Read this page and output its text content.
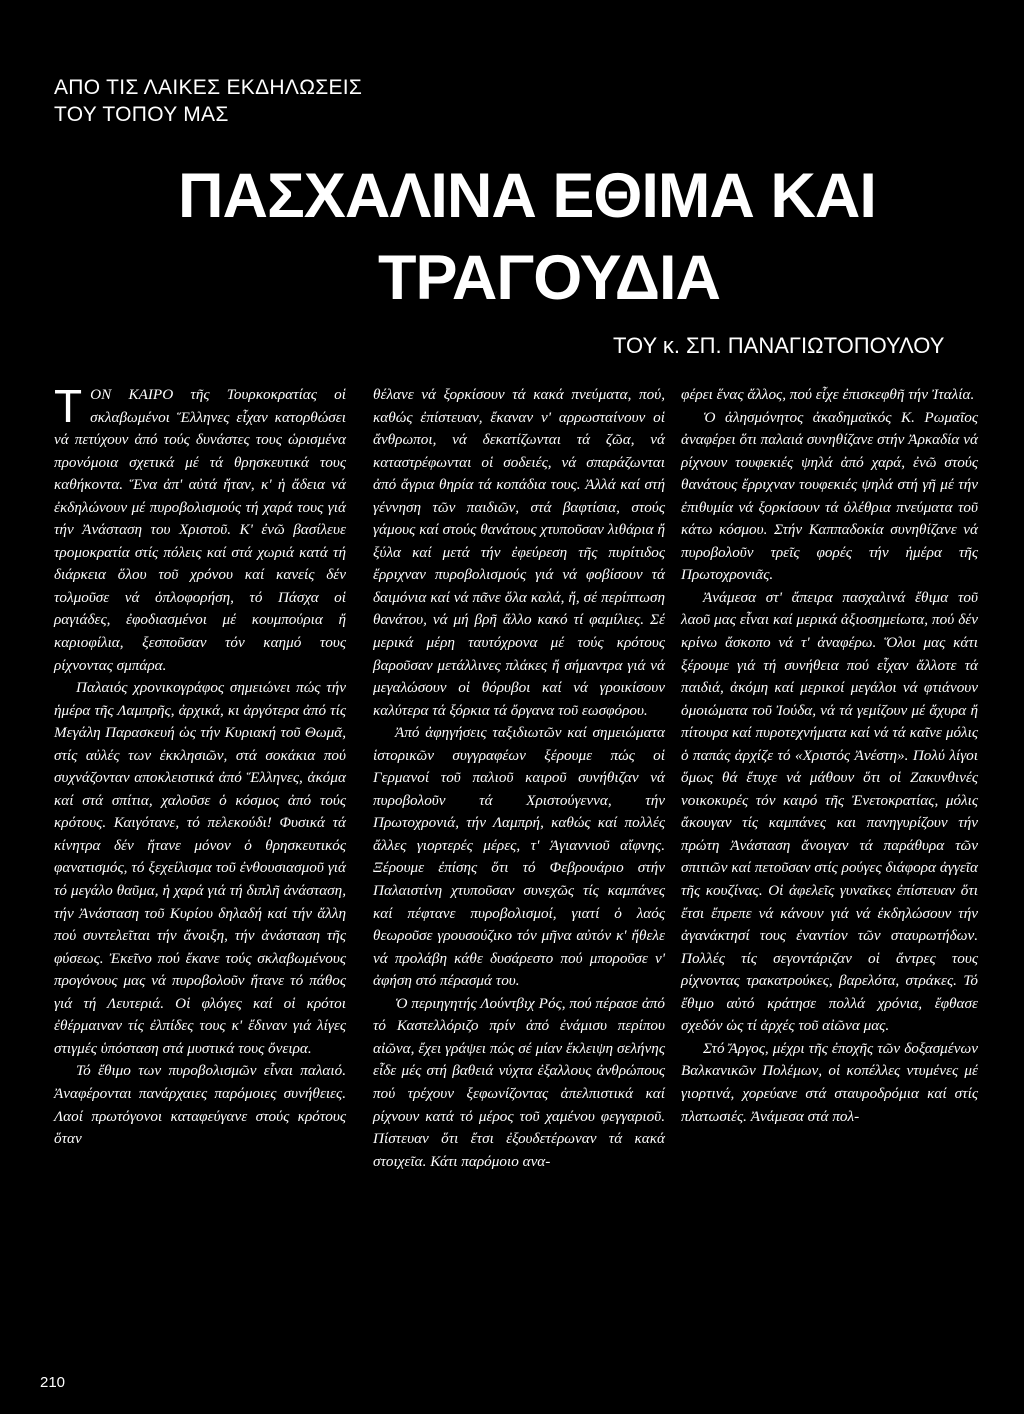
ΑΠΟ ΤΙΣ ΛΑΙΚΕΣ ΕΚΔΗΛΩΣΕΙΣ
ΤΟΥ ΤΟΠΟΥ ΜΑΣ
ΠΑΣΧΑΛΙΝΑ ΕΘΙΜΑ ΚΑΙ
ΤΡΑΓΟΥΔΙΑ
ΤΟΥ κ. ΣΠ. ΠΑΝΑΓΙΩΤΟΠΟΥΛΟΥ

ΤΟΝ ΚΑΙΡΟ τῆς Τουρκοκρατίας οἱ σκλαβωμένοι Ἕλληνες εἶχαν κατορθώσει νά πετύχουν ἀπό τούς δυνάστες τους ὡρισμένα προνόμοια σχετικά μέ τά θρησκευτικά τους καθήκοντα. Ἕνα ἀπ' αὐτά ἤταν, κ' ἡ ἄδεια νά ἐκδηλώνουν μέ πυροβολισμούς τή χαρά τους γιά τήν Ἀνάσταση του Χριστοῦ. Κ' ἐνῶ βασίλευε τρομοκρατία στίς πόλεις καί στά χωριά κατά τή διάρκεια ὅλου τοῦ χρόνου καί κανείς δέν τολμοῦσε νά ὁπλοφορήση, τό Πάσχα οἱ ραγιάδες, ἐφοδιασμένοι μέ κουμπούρια ἤ καριοφίλια, ξεσποῦσαν τόν καημό τους ρίχνοντας σμπάρα.

Παλαιός χρονικογράφος σημειώνει πώς τήν ἡμέρα τῆς Λαμπρῆς, ἀρχικά, κι ἀργότερα ἀπό τίς Μεγάλη Παρασκευή ὡς τήν Κυριακή τοῦ Θωμᾶ, στίς αὐλές των ἐκκλησιῶν, στά σοκάκια πού συχνάζονταν αποκλειστικά ἀπό Ἕλληνες, ἀκόμα καί στά σπίτια, χαλοῦσε ὁ κόσμος ἀπό τούς κρότους. Καιγότανε, τό πελεκούδι! Φυσικά τά κίνητρα δέν ἤτανε μόνον ὁ θρησκευτικός φανατισμός, τό ξεχείλισμα τοῦ ἐνθουσιασμοῦ γιά τό μεγάλο θαῦμα, ἡ χαρά γιά τή διπλῆ ἀνάσταση, τήν Ἀνάσταση τοῦ Κυρίου δηλαδή καί τήν ἄλλη πού συντελεῖται τήν ἄνοιξη, τήν ἀνάσταση τῆς φύσεως. Ἐκεῖνο πού ἔκανε τούς σκλαβωμένους προγόνους μας νά πυροβολοῦν ἤτανε τό πάθος γιά τή Λευτεριά. Οἱ φλόγες καί οἱ κρότοι ἐθέρμαιναν τίς ἐλπίδες τους κ' ἔδιναν γιά λίγες στιγμές ὑπόσταση στά μυστικά τους ὄνειρα.

Τό ἔθιμο των πυροβολισμῶν εἶναι παλαιό. Ἀναφέρονται πανάρχαιες παρόμοιες συνήθειες. Λαοί πρωτόγονοι καταφεύγανε στούς κρότους ὅταν

θέλανε νά ξορκίσουν τά κακά πνεύματα, πού, καθώς ἐπίστευαν, ἔκαναν ν' αρρωσταίνουν οἱ ἄνθρωποι, νά δεκατίζωνται τά ζῶα, νά καταστρέφωνται οἱ σοδειές, νά σπαράζωνται ἀπό ἄγρια θηρία τά κοπάδια τους. Ἀλλά καί στή γέννηση τῶν παιδιῶν, στά βαφτίσια, στούς γάμους καί στούς θανάτους χτυποῦσαν λιθάρια ἤ ξύλα καί μετά τήν ἐφεύρεση τῆς πυρίτιδος ἔρριχναν πυροβολισμούς γιά νά φοβίσουν τά δαιμόνια καί νά πᾶνε ὅλα καλά, ἤ, σέ περίπτωση θανάτου, νά μή βρῆ ἄλλο κακό τί φαμίλιες. Σέ μερικά μέρη ταυτόχρονα μέ τούς κρότους βαροῦσαν μετάλλινες πλάκες ἤ σήμαντρα γιά νά μεγαλώσουν οἱ θόρυβοι καί νά γροικίσουν καλύτερα τά ξόρκια τά ὄργανα τοῦ εωσφόρου.

Ἀπό ἀφηγήσεις ταξιδιωτῶν καί σημειώματα ἱστορικῶν συγγραφέων ξέρουμε πώς οἱ Γερμανοί τοῦ παλιοῦ καιροῦ συνήθιζαν νά πυροβολοῦν τά Χριστούγεννα, τήν Πρωτοχρονιά, τήν Λαμπρή, καθώς καί πολλές ἄλλες γιορτερές μέρες, τ' Ἁγιαννιοῦ αἴφνης. Ξέρουμε ἐπίσης ὅτι τό Φεβρουάριο στήν Παλαιστίνη χτυποῦσαν συνεχῶς τίς καμπάνες καί πέφτανε πυροβολισμοί, γιατί ὁ λαός θεωροῦσε γρουσούζικο τόν μῆνα αὐτόν κ' ἤθελε νά προλάβη κάθε δυσάρεστο πού μποροῦσε ν' ἀφήση στό πέρασμά του.

Ὁ περιηγητής Λούντβιχ Ρός, πού πέρασε ἀπό τό Καστελλόριζο πρίν ἀπό ἐνάμισυ περίπου αἰῶνα, ἔχει γράψει πώς σέ μίαν ἔκλειψη σελήνης εἶδε μές στή βαθειά νύχτα ἐξαλλους ἀνθρώπους πού τρέχουν ξεφωνίζοντας ἀπελπιστικά καί ρίχνουν κατά τό μέρος τοῦ χαμένου φεγγαριοῦ. Πίστευαν ὅτι ἔτσι ἐξουδετέρωναν τά κακά στοιχεῖα. Κάτι παρόμοιο ανα-

φέρει ἕνας ἄλλος, πού εἶχε ἐπισκεφθῆ τήν Ἰταλία.

Ὁ ἀλησμόνητος ἀκαδημαϊκός Κ. Ρωμαῖος ἀναφέρει ὅτι παλαιά συνηθίζανε στήν Ἀρκαδία νά ρίχνουν τουφεκιές ψηλά ἀπό χαρά, ἐνῶ στούς θανάτους ἔρριχναν τουφεκιές ψηλά στή γῆ μέ τήν ἐπιθυμία νά ξορκίσουν τά ὀλέθρια πνεύματα τοῦ κάτω κόσμου. Στήν Καππαδοκία συνηθίζανε νά πυροβολοῦν τρεῖς φορές τήν ἡμέρα τῆς Πρωτοχρονιᾶς.

Ἀνάμεσα στ' ἄπειρα πασχαλινά ἔθιμα τοῦ λαοῦ μας εἶναι καί μερικά ἀξιοσημείωτα, πού δέν κρίνω ἄσκοπο νά τ' ἀναφέρω. Ὅλοι μας κάτι ξέρουμε γιά τή συνήθεια πού εἶχαν ἄλλοτε τά παιδιά, ἀκόμη καί μερικοί μεγάλοι νά φτιάνουν ὁμοιώματα τοῦ Ἰούδα, νά τά γεμίζουν μέ ἄχυρα ἤ πίτουρα καί πυροτεχνήματα καί νά τά καῖνε μόλις ὁ παπάς ἀρχίζε τό «Χριστός Ἀνέστη». Πολύ λίγοι ὅμως θά ἔτυχε νά μάθουν ὅτι οἱ Ζακυνθινές νοικοκυρές τόν καιρό τῆς Ἐνετοκρατίας, μόλις ἄκουγαν τίς καμπάνες και πανηγυρίζουν τήν πρώτη Ἀνάσταση ἄνοιγαν τά παράθυρα τῶν σπιτιῶν καί πετοῦσαν στίς ρούγες διάφορα ἀγγεῖα τῆς κουζίνας. Οἱ ἀφελεῖς γυναῖκες ἐπίστευαν ὅτι ἔτσι ἔπρεπε νά κάνουν γιά νά ἐκδηλώσουν τήν ἀγανάκτησί τους ἐναντίον τῶν σταυρωτήδων. Πολλές τίς σεγοντάριζαν οἱ ἄντρες τους ρίχνοντας τρακατρούκες, βαρελότα, στράκες. Τό ἔθιμο αὐτό κράτησε πολλά χρόνια, ἔφθασε σχεδόν ὡς τί ἀρχές τοῦ αἰῶνα μας.

Στό Ἄργος, μέχρι τῆς ἐποχῆς τῶν δοξασμένων Βαλκανικῶν Πολέμων, οἱ κοπέλλες ντυμένες μέ γιορτινά, χορεύανε στά σταυροδρόμια καί στίς πλατωσιές. Ἀνάμεσα στά πολ-

210
